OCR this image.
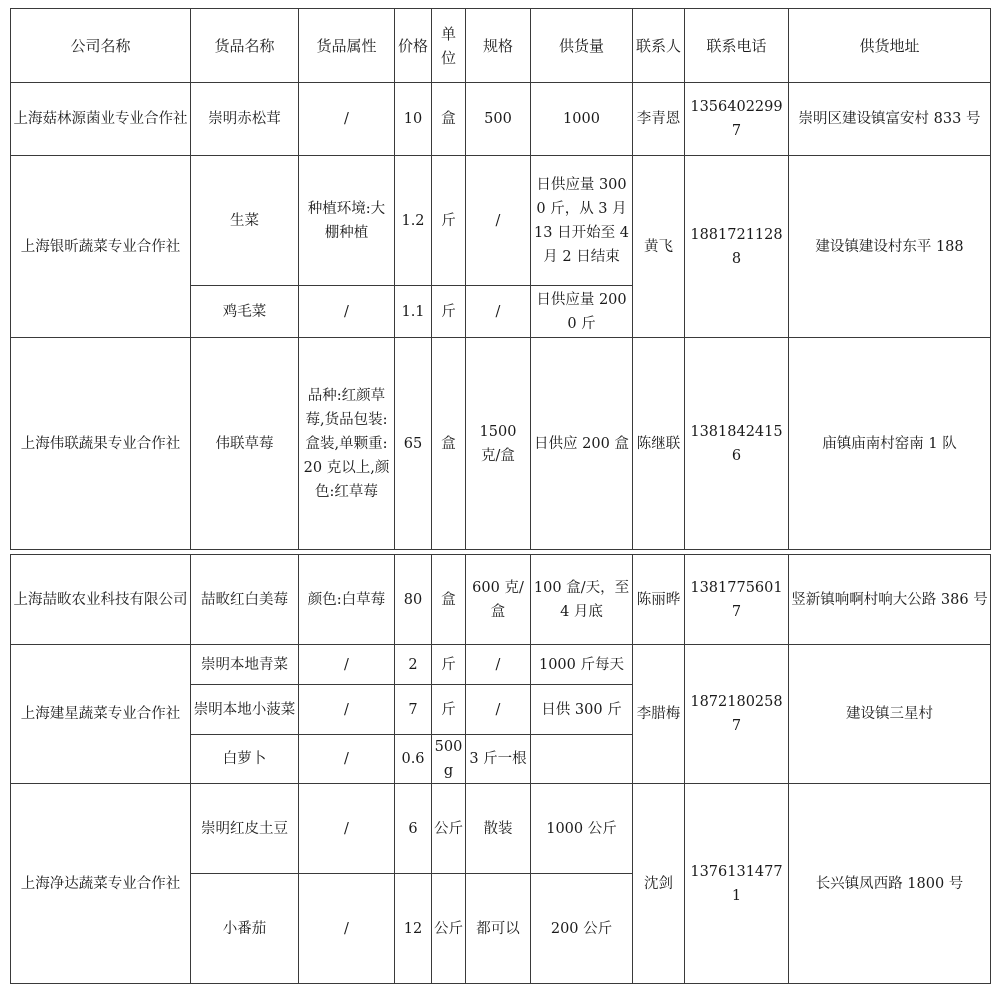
公司名称	货品名称	货品属性	价格	单位	规格	供货量	联系人	联系电话	供货地址
上海菇林源菌业专业合作社	崇明赤松茸	/	10	盒	500	1000	李青恩	13564022997	崇明区建设镇富安村 833 号
上海银昕蔬菜专业合作社	生菜	种植环境:大棚种植	1.2	斤	/	日供应量 3000 斤，从 3 月 13 日开始至 4 月 2 日结束	黄飞	18817211288	建设镇建设村东平 188
	鸡毛菜	/	1.1	斤	/	日供应量 2000 斤			
上海伟联蔬果专业合作社	伟联草莓	品种:红颜草莓,货品包装:盒装,单颗重:20 克以上,颜色:红草莓	65	盒	1500 克/盒	日供应 200 盒	陈继联	13818424156	庙镇庙南村窑南 1 队

上海喆畋农业科技有限公司	喆畋红白美莓	颜色:白草莓	80	盒	600 克/盒	100 盒/天，至 4 月底	陈丽晔	13817756017	竖新镇响啊村响大公路 386 号
上海建星蔬菜专业合作社	崇明本地青菜	/	2	斤	/	1000 斤每天	李腊梅	18721802587	建设镇三星村
	崇明本地小菠菜	/	7	斤	/	日供 300 斤			
	白萝卜	/	0.6	500g	3 斤一根				
上海净达蔬菜专业合作社	崇明红皮土豆	/	6	公斤	散装	1000 公斤	沈剑	13761314771	长兴镇凤西路 1800 号
	小番茄	/	12	公斤	都可以	200 公斤			
